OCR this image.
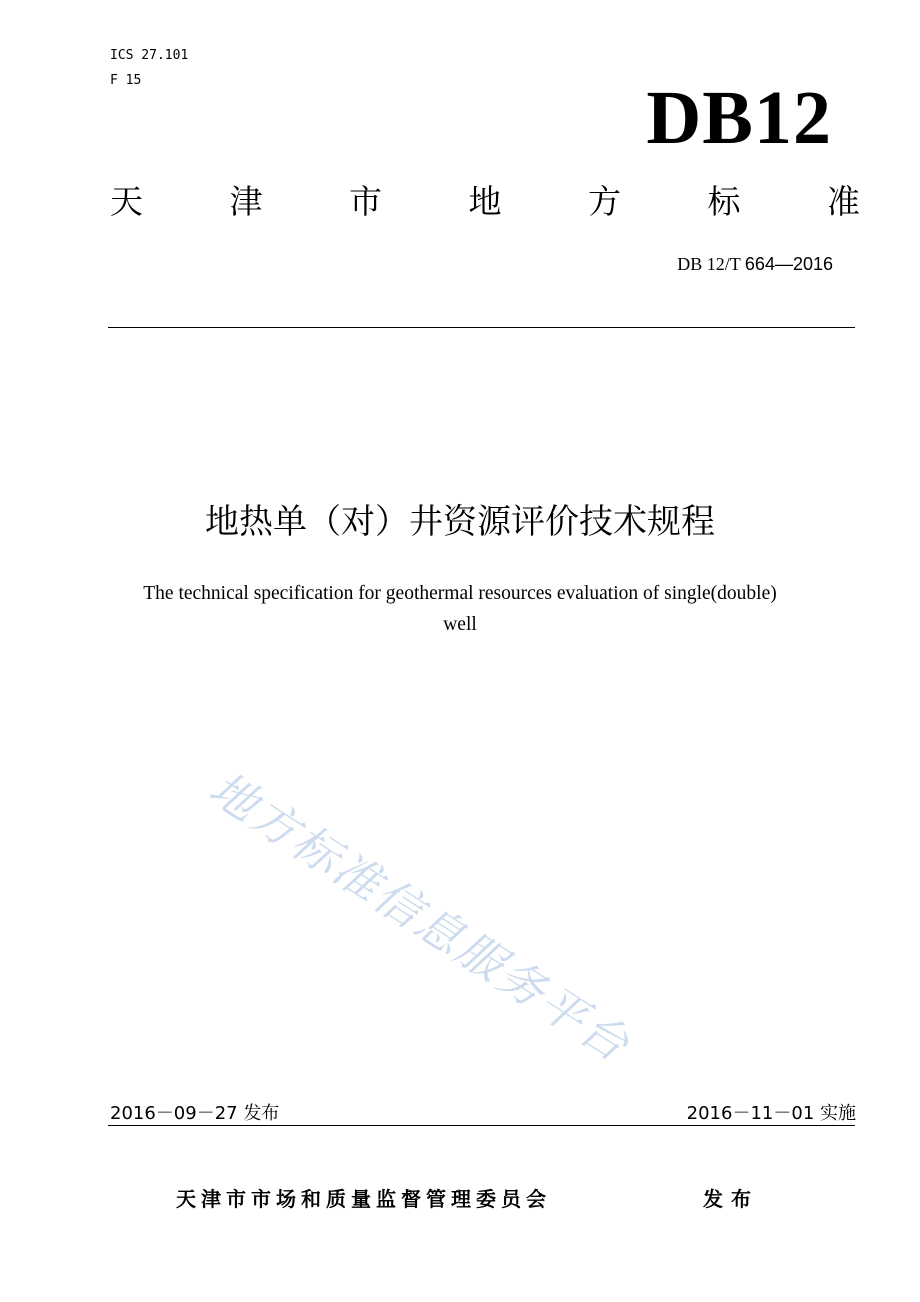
ICS 27.101
F 15	DB12
天	津	市	地	方	标	准
DB 12/T 664—2016
地热单（对）井资源评价技术规程
The technical specification for geothermal resources evaluation of single(double)
well
地方标准信息服务平台
2016－09－27 发布	2016－11－01 实施
天津市市场和质量监督管理委员会	发布
